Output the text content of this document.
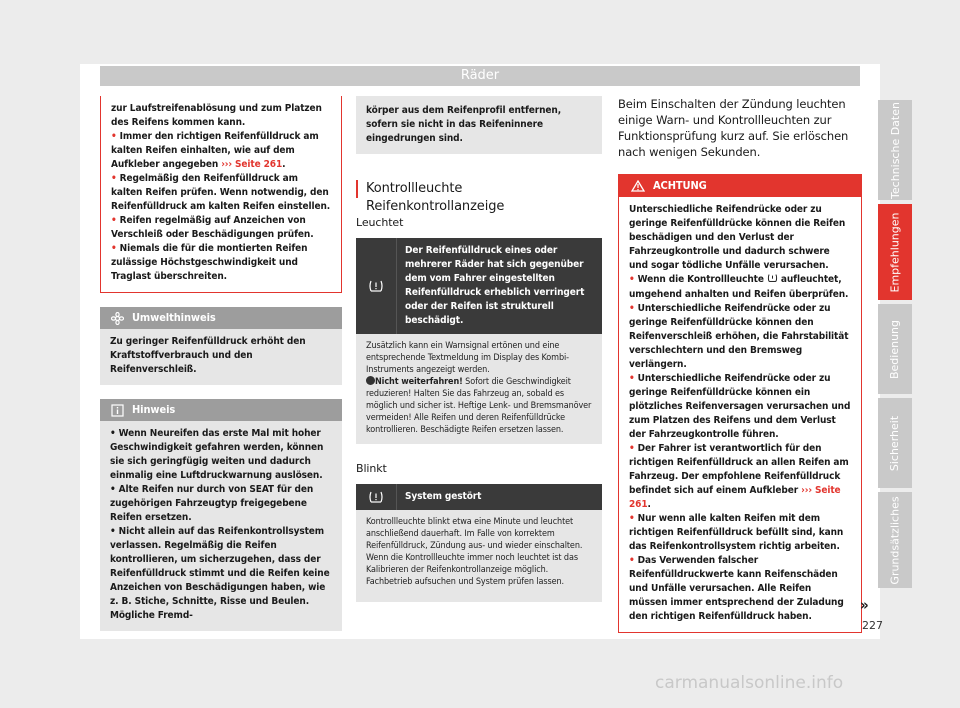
Räder
zur Laufstreifenablösung und zum Platzen des Reifens kommen kann.
• Immer den richtigen Reifenfülldruck am kalten Reifen einhalten, wie auf dem Aufkleber angegeben ››› Seite 261.
• Regelmäßig den Reifenfülldruck am kalten Reifen prüfen. Wenn notwendig, den Reifenfülldruck am kalten Reifen einstellen.
• Reifen regelmäßig auf Anzeichen von Verschleiß oder Beschädigungen prüfen.
• Niemals die für die montierten Reifen zulässige Höchstgeschwindigkeit und Traglast überschreiten.
Umwelthinweis
Zu geringer Reifenfülldruck erhöht den Kraftstoffverbrauch und den Reifenverschleiß.
Hinweis
• Wenn Neureifen das erste Mal mit hoher Geschwindigkeit gefahren werden, können sie sich geringfügig weiten und dadurch einmalig eine Luftdruckwarnung auslösen.
• Alte Reifen nur durch von SEAT für den zugehörigen Fahrzeugtyp freigegebene Reifen ersetzen.
• Nicht allein auf das Reifenkontrollsystem verlassen. Regelmäßig die Reifen kontrollieren, um sicherzugehen, dass der Reifenfülldruck stimmt und die Reifen keine Anzeichen von Beschädigungen haben, wie z. B. Stiche, Schnitte, Risse und Beulen. Mögliche Fremd-
körper aus dem Reifenprofil entfernen, sofern sie nicht in das Reifeninnere eingedrungen sind.
Kontrollleuchte Reifenkontrollanzeige
Leuchtet
Der Reifenfülldruck eines oder mehrerer Räder hat sich gegenüber dem vom Fahrer eingestellten Reifenfülldruck erheblich verringert oder der Reifen ist strukturell beschädigt.
Zusätzlich kann ein Warnsignal ertönen und eine entsprechende Textmeldung im Display des Kombi-Instruments angezeigt werden.
Nicht weiterfahren! Sofort die Geschwindigkeit reduzieren! Halten Sie das Fahrzeug an, sobald es möglich und sicher ist. Heftige Lenk- und Bremsmanöver vermeiden! Alle Reifen und deren Reifenfülldrücke kontrollieren. Beschädigte Reifen ersetzen lassen.
Blinkt
System gestört
Kontrollleuchte blinkt etwa eine Minute und leuchtet anschließend dauerhaft. Im Falle von korrektem Reifenfülldruck, Zündung aus- und wieder einschalten. Wenn die Kontrollleuchte immer noch leuchtet ist das Kalibrieren der Reifenkontrollanzeige möglich. Fachbetrieb aufsuchen und System prüfen lassen.
Beim Einschalten der Zündung leuchten einige Warn- und Kontrollleuchten zur Funktionsprüfung kurz auf. Sie erlöschen nach wenigen Sekunden.
ACHTUNG
Unterschiedliche Reifendrücke oder zu geringe Reifenfülldrücke können die Reifen beschädigen und den Verlust der Fahrzeugkontrolle und dadurch schwere und sogar tödliche Unfälle verursachen.
• Wenn die Kontrollleuchte  aufleuchtet, umgehend anhalten und Reifen überprüfen.
• Unterschiedliche Reifendrücke oder zu geringe Reifenfülldrücke können den Reifenverschleiß erhöhen, die Fahrstabilität verschlechtern und den Bremsweg verlängern.
• Unterschiedliche Reifendrücke oder zu geringe Reifenfülldrücke können ein plötzliches Reifenversagen verursachen und zum Platzen des Reifens und dem Verlust der Fahrzeugkontrolle führen.
• Der Fahrer ist verantwortlich für den richtigen Reifenfülldruck an allen Reifen am Fahrzeug. Der empfohlene Reifenfülldruck befindet sich auf einem Aufkleber ››› Seite 261.
• Nur wenn alle kalten Reifen mit dem richtigen Reifenfülldruck befüllt sind, kann das Reifenkontrollsystem richtig arbeiten.
• Das Verwenden falscher Reifenfülldruckwerte kann Reifenschäden und Unfälle verursachen. Alle Reifen müssen immer entsprechend der Zuladung den richtigen Reifenfülldruck haben.
»
Technische Daten
Empfehlungen
Bedienung
Sicherheit
Grundsätzliches
227
carmanualsonline.info
